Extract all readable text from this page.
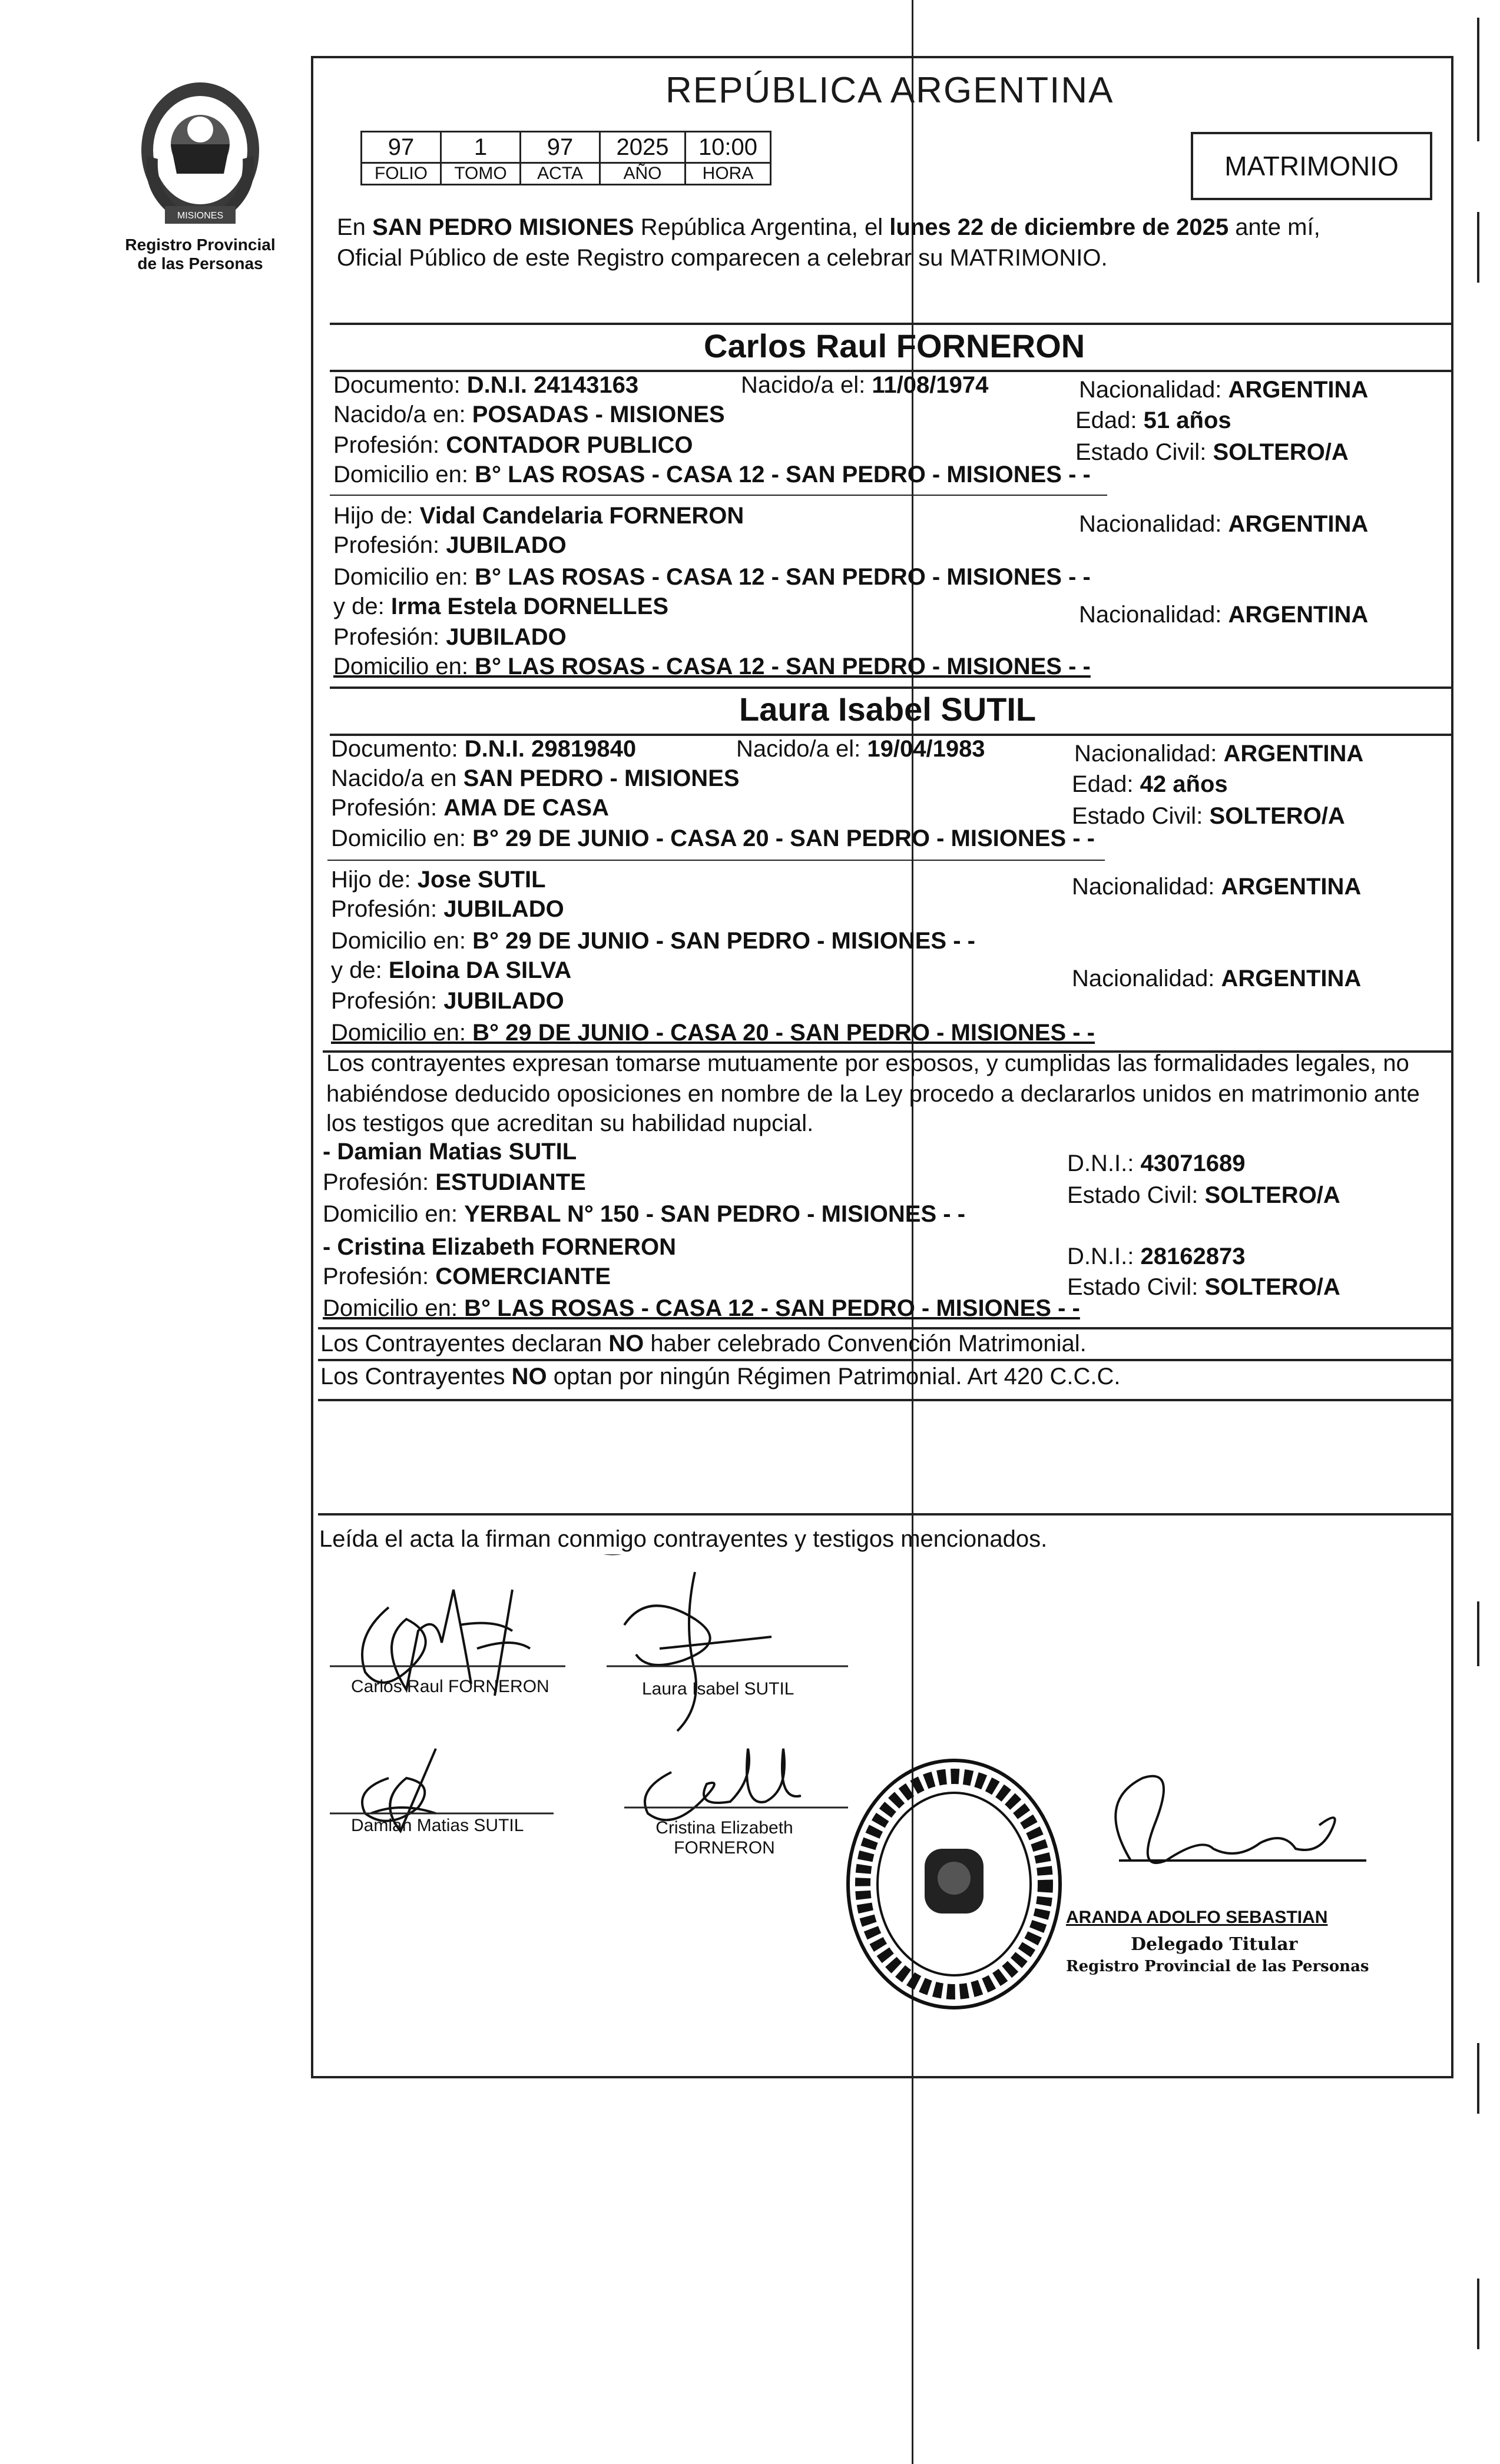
MISIONES
Registro Provincial
de las Personas
REPÚBLICA ARGENTINA
97	1	97	2025	10:00
FOLIO	TOMO	ACTA	AÑO	HORA	MATRIMONIO
En SAN PEDRO MISIONES República Argentina, el lunes 22 de diciembre de 2025 ante mí,
Oficial Público de este Registro comparecen a celebrar su MATRIMONIO.
Carlos Raul FORNERON
Documento: D.N.I. 24143163	Nacido/a el: 11/08/1974	Nacionalidad: ARGENTINA
Nacido/a en: POSADAS - MISIONES	Edad: 51 años
Profesión: CONTADOR PUBLICO	Estado Civil: SOLTERO/A
Domicilio en: B° LAS ROSAS - CASA 12 - SAN PEDRO - MISIONES - -
Hijo de: Vidal Candelaria FORNERON	Nacionalidad: ARGENTINA
Profesión: JUBILADO
Domicilio en: B° LAS ROSAS - CASA 12 - SAN PEDRO - MISIONES - -
y de: Irma Estela DORNELLES	Nacionalidad: ARGENTINA
Profesión: JUBILADO
Domicilio en: B° LAS ROSAS - CASA 12 - SAN PEDRO - MISIONES - -
Laura Isabel SUTIL
Documento: D.N.I. 29819840	Nacido/a el: 19/04/1983	Nacionalidad: ARGENTINA
Nacido/a en SAN PEDRO - MISIONES	Edad: 42 años
Profesión: AMA DE CASA	Estado Civil: SOLTERO/A
Domicilio en: B° 29 DE JUNIO - CASA 20 - SAN PEDRO - MISIONES - -
Hijo de: Jose SUTIL	Nacionalidad: ARGENTINA
Profesión: JUBILADO
Domicilio en: B° 29 DE JUNIO - SAN PEDRO - MISIONES - -
y de: Eloina DA SILVA	Nacionalidad: ARGENTINA
Profesión: JUBILADO
Domicilio en: B° 29 DE JUNIO - CASA 20 - SAN PEDRO - MISIONES - -
Los contrayentes expresan tomarse mutuamente por esposos, y cumplidas las formalidades legales, no
habiéndose deducido oposiciones en nombre de la Ley procedo a declararlos unidos en matrimonio ante
los testigos que acreditan su habilidad nupcial.
- Damian Matias SUTIL	D.N.I.: 43071689
Profesión: ESTUDIANTE	Estado Civil: SOLTERO/A
Domicilio en: YERBAL N° 150 - SAN PEDRO - MISIONES - -
- Cristina Elizabeth FORNERON	D.N.I.: 28162873
Profesión: COMERCIANTE	Estado Civil: SOLTERO/A
Domicilio en: B° LAS ROSAS - CASA 12 - SAN PEDRO - MISIONES - -
Los Contrayentes declaran NO haber celebrado Convención Matrimonial.
Los Contrayentes NO optan por ningún Régimen Patrimonial. Art 420 C.C.C.
Leída el acta la firman conmigo contrayentes y testigos mencionados.
Carlos Raul FORNERON	Laura Isabel SUTIL
Damian Matias SUTIL	Cristina Elizabeth
FORNERON
ARANDA ADOLFO SEBASTIAN
Delegado Titular
Registro Provincial de las Personas
